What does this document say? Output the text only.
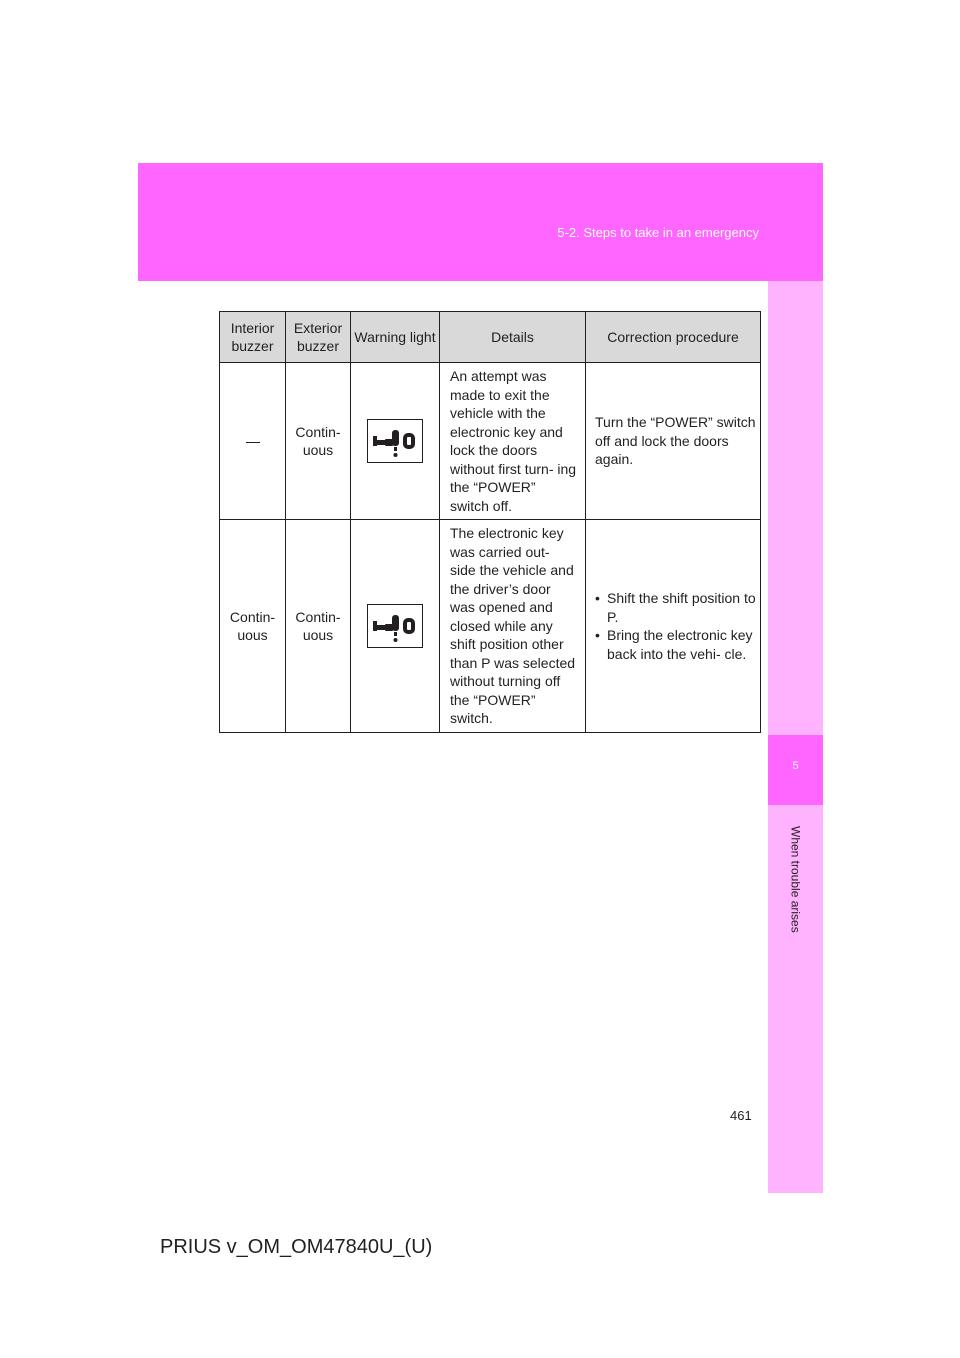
5-2. Steps to take in an emergency
5
When trouble arises
Interior buzzer	Exterior buzzer	Warning light	Details	Correction procedure
	Contin- uous		An attempt was made to exit the vehicle with the electronic key and lock the doors without first turn- ing the “POWER” switch off.	Turn the “POWER” switch off and lock the doors again.

Contin- uous	Contin- uous		The electronic key was carried out- side the vehicle and the driver’s door was opened and closed while any shift position other than P was selected without turning off the “POWER” switch.	• Shift the shift position to P.
• Bring the electronic key back into the vehi- cle.
461
PRIUS v_OM_OM47840U_(U)
